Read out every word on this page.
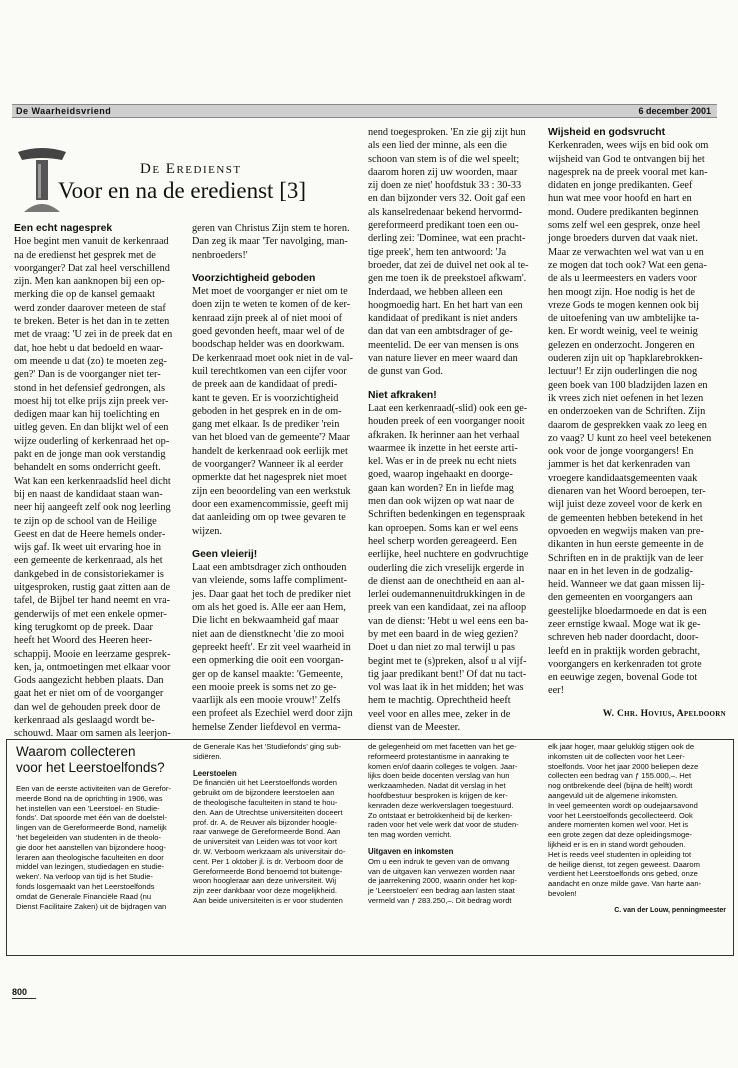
De Waarheidsvriend	6 december 2001
De Eredienst
Voor en na de eredienst [3]
Een echt nagesprek

Hoe begint men vanuit de kerkenraad

na de eredienst het gesprek met de

voorganger? Dat zal heel verschillend

zijn. Men kan aanknopen bij een op-

merking die op de kansel gemaakt

werd zonder daarover meteen de staf

te breken. Beter is het dan in te zetten

met de vraag: 'U zei in de preek dat en

dat, hoe hebt u dat bedoeld en waar-

om meende u dat (zo) te moeten zeg-

gen?' Dan is de voorganger niet ter-

stond in het defensief gedrongen, als

moest hij tot elke prijs zijn preek ver-

dedigen maar kan hij toelichting en

uitleg geven. En dan blijkt wel of een

wijze ouderling of kerkenraad het op-

pakt en de jonge man ook verstandig

behandelt en soms onderricht geeft.

Wat kan een kerkenraadslid heel dicht

bij en naast de kandidaat staan wan-

neer hij aangeeft zelf ook nog leerling

te zijn op de school van de Heilige

Geest en dat de Heere hemels onder-

wijs gaf. Ik weet uit ervaring hoe in

een gemeente de kerkenraad, als het

dankgebed in de consistoriekamer is

uitgesproken, rustig gaat zitten aan de

tafel, de Bijbel ter hand neemt en vra-

genderwijs of met een enkele opmer-

king terugkomt op de preek. Daar

heeft het Woord des Heeren heer-

schappij. Mooie en leerzame gesprek-

ken, ja, ontmoetingen met elkaar voor

Gods aangezicht hebben plaats. Dan

gaat het er niet om of de voorganger

dan wel de gehouden preek door de

kerkenraad als geslaagd wordt be-

schouwd. Maar om samen als leerjon-

geren van Christus Zijn stem te horen.

Dan zeg ik maar 'Ter navolging, man-

nenbroeders!'

Voorzichtigheid geboden

Met moet de voorganger er niet om te

doen zijn te weten te komen of de ker-

kenraad zijn preek al of niet mooi of

goed gevonden heeft, maar wel of de

boodschap helder was en doorkwam.

De kerkenraad moet ook niet in de val-

kuil terechtkomen van een cijfer voor

de preek aan de kandidaat of predi-

kant te geven. Er is voorzichtigheid

geboden in het gesprek en in de om-

gang met elkaar. Is de prediker 'rein

van het bloed van de gemeente'? Maar

handelt de kerkenraad ook eerlijk met

de voorganger? Wanneer ik al eerder

opmerkte dat het nagesprek niet moet

zijn een beoordeling van een werkstuk

door een examencommissie, geeft mij

dat aanleiding om op twee gevaren te

wijzen.

Geen vleierij!

Laat een ambtsdrager zich onthouden

van vleiende, soms laffe compliment-

jes. Daar gaat het toch de prediker niet

om als het goed is. Alle eer aan Hem,

Die licht en bekwaamheid gaf maar

niet aan de dienstknecht 'die zo mooi

gepreekt heeft'. Er zit veel waarheid in

een opmerking die ooit een voorgan-

ger op de kansel maakte: 'Gemeente,

een mooie preek is soms net zo ge-

vaarlijk als een mooie vrouw!' Zelfs

een profeet als Ezechiel werd door zijn

hemelse Zender liefdevol en verma-

nend toegesproken. 'En zie gij zijt hun

als een lied der minne, als een die

schoon van stem is of die wel speelt;

daarom horen zij uw woorden, maar

zij doen ze niet' hoofdstuk 33 : 30-33

en dan bijzonder vers 32. Ooit gaf een

als kanselredenaar bekend hervormd-

gereformeerd predikant toen een ou-

derling zei: 'Dominee, wat een pracht-

tige preek', hem ten antwoord: 'Ja

broeder, dat zei de duivel net ook al te-

gen me toen ik de preekstoel afkwam'.

Inderdaad, we hebben alleen een

hoogmoedig hart. En het hart van een

kandidaat of predikant is niet anders

dan dat van een ambtsdrager of ge-

meentelid. De eer van mensen is ons

van nature liever en meer waard dan

de gunst van God.

Niet afkraken!

Laat een kerkenraad(-slid) ook een ge-

houden preek of een voorganger nooit

afkraken. Ik herinner aan het verhaal

waarmee ik inzette in het eerste arti-

kel. Was er in de preek nu echt niets

goed, waarop ingehaakt en doorge-

gaan kan worden? En in liefde mag

men dan ook wijzen op wat naar de

Schriften bedenkingen en tegenspraak

kan oproepen. Soms kan er wel eens

heel scherp worden gereageerd. Een

eerlijke, heel nuchtere en godvruchtige

ouderling die zich vreselijk ergerde in

de dienst aan de onechtheid en aan al-

lerlei oudemannenuitdrukkingen in de

preek van een kandidaat, zei na afloop

van de dienst: 'Hebt u wel eens een ba-

by met een baard in de wieg gezien?

Doet u dan niet zo mal terwijl u pas

begint met te (s)preken, alsof u al vijf-

tig jaar predikant bent!' Of dat nu tact-

vol was laat ik in het midden; het was

hem te machtig. Oprechtheid heeft

veel voor en alles mee, zeker in de

dienst van de Meester.

Wijsheid en godsvrucht

Kerkenraden, wees wijs en bid ook om

wijsheid van God te ontvangen bij het

nagesprek na de preek vooral met kan-

didaten en jonge predikanten. Geef

hun wat mee voor hoofd en hart en

mond. Oudere predikanten beginnen

soms zelf wel een gesprek, onze heel

jonge broeders durven dat vaak niet.

Maar ze verwachten wel wat van u en

ze mogen dat toch ook? Wat een gena-

de als u leermeesters en vaders voor

hen moogt zijn. Hoe nodig is het de

vreze Gods te mogen kennen ook bij

de uitoefening van uw ambtelijke ta-

ken. Er wordt weinig, veel te weinig

gelezen en onderzocht. Jongeren en

ouderen zijn uit op 'hapklarebrokken-

lectuur'! Er zijn ouderlingen die nog

geen boek van 100 bladzijden lazen en

ik vrees zich niet oefenen in het lezen

en onderzoeken van de Schriften. Zijn

daarom de gesprekken vaak zo leeg en

zo vaag? U kunt zo heel veel betekenen

ook voor de jonge voorgangers! En

jammer is het dat kerkenraden van

vroegere kandidaatsgemeenten vaak

dienaren van het Woord beroepen, ter-

wijl juist deze zoveel voor de kerk en

de gemeenten hebben betekend in het

opvoeden en wegwijs maken van pre-

dikanten in hun eerste gemeente in de

Schriften en in de praktijk van de leer

naar en in het leven in de godzalig-

heid. Wanneer we dat gaan missen lij-

den gemeenten en voorgangers aan

geestelijke bloedarmoede en dat is een

zeer ernstige kwaal. Moge wat ik ge-

schreven heb nader doordacht, door-

leefd en in praktijk worden gebracht,

voorgangers en kerkenraden tot grote

en eeuwige zegen, bovenal Gode tot

eer!

W. Chr. Hovius, Apeldoorn
Waarom collecteren
voor het Leerstoelfonds?

Een van de eerste activiteiten van de Gerefor-

meerde Bond na de oprichting in 1906, was

het instellen van een 'Leerstoel- en Studie-

fonds'. Dat spoorde met één van de doelstel-

lingen van de Gereformeerde Bond, namelijk

'het begeleiden van studenten in de theolo-

gie door het aanstellen van bijzondere hoog-

leraren aan theologische faculteiten en door

middel van lezingen, studiedagen en studie-

weken'. Na verloop van tijd is het Studie-

fonds losgemaakt van het Leerstoelfonds

omdat de Generale Financiële Raad (nu

Dienst Facilitaire Zaken) uit de bijdragen van

de Generale Kas het 'Studiefonds' ging sub-

sidiëren.

Leerstoelen

De financiën uit het Leerstoelfonds worden

gebruikt om de bijzondere leerstoelen aan

de theologische faculteiten in stand te hou-

den. Aan de Utrechtse universiteiten doceert

prof. dr. A. de Reuver als bijzonder hoogle-

raar vanwege de Gereformeerde Bond. Aan

de universiteit van Leiden was tot voor kort

dr. W. Verboom werkzaam als universitair do-

cent. Per 1 oktober jl. is dr. Verboom door de

Gereformeerde Bond benoemd tot buitenge-

woon hoogleraar aan deze universiteit. Wij

zijn zeer dankbaar voor deze mogelijkheid.

Aan beide universiteiten is er voor studenten

de gelegenheid om met facetten van het ge-

reformeerd protestantisme in aanraking te

komen en/of daarin colleges te volgen. Jaar-

lijks doen beide docenten verslag van hun

werkzaamheden. Nadat dit verslag in het

hoofdbestuur besproken is krijgen de ker-

kenraden deze werkverslagen toegestuurd.

Zo ontstaat er betrokkenheid bij de kerken-

raden voor het vele werk dat voor de studen-

ten mag worden verricht.

Uitgaven en inkomsten

Om u een indruk te geven van de omvang

van de uitgaven kan verwezen worden naar

de jaarrekening 2000, waarin onder het kop-

je 'Leerstoelen' een bedrag aan lasten staat

vermeld van ƒ 283.250,–. Dit bedrag wordt

elk jaar hoger, maar gelukkig stijgen ook de

inkomsten uit de collecten voor het Leer-

stoelfonds. Voor het jaar 2000 beliepen deze

collecten een bedrag van ƒ 155.000,–. Het

nog ontbrekende deel (bijna de helft) wordt

aangevuld uit de algemene inkomsten.

In veel gemeenten wordt op oudejaarsavond

voor het Leerstoelfonds gecollecteerd. Ook

andere momenten komen wel voor. Het is

een grote zegen dat deze opleidingsmoge-

lijkheid er is en in stand wordt gehouden.

Het is reeds veel studenten in opleiding tot

de heilige dienst, tot zegen geweest. Daarom

verdient het Leerstoelfonds ons gebed, onze

aandacht en onze milde gave. Van harte aan-

bevolen!

C. van der Louw, penningmeester
800
